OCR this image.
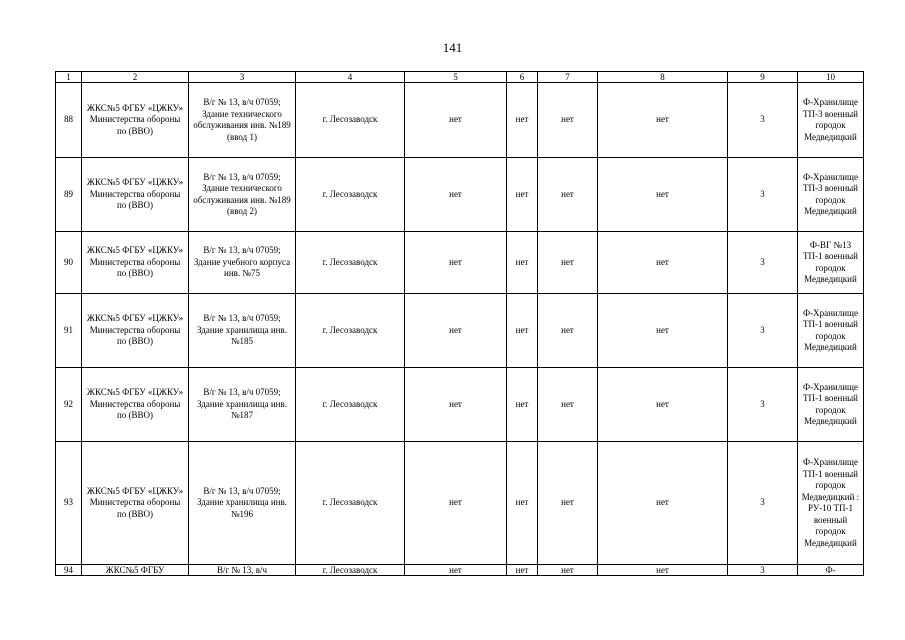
141
1	2	3	4	5	6	7	8	9	10
88	ЖКС№5 ФГБУ «ЦЖКУ» Министерства обороны по (ВВО)	В/г № 13, в/ч 07059; Здание технического обслуживания инв. №189 (ввод 1)	г. Лесозаводск	нет	нет	нет	нет	3	Ф-Хранилище ТП-3 военный городок Медведицкий
89	ЖКС№5 ФГБУ «ЦЖКУ» Министерства обороны по (ВВО)	В/г № 13, в/ч 07059; Здание технического обслуживания инв. №189 (ввод 2)	г. Лесозаводск	нет	нет	нет	нет	3	Ф-Хранилище ТП-3 военный городок Медведицкий
90	ЖКС№5 ФГБУ «ЦЖКУ» Министерства обороны по (ВВО)	В/г № 13, в/ч 07059; Здание учебного корпуса инв. №75	г. Лесозаводск	нет	нет	нет	нет	3	Ф-ВГ №13 ТП-1 военный городок Медведицкий
91	ЖКС№5 ФГБУ «ЦЖКУ» Министерства обороны по (ВВО)	В/г № 13, в/ч 07059; Здание хранилища инв. №185	г. Лесозаводск	нет	нет	нет	нет	3	Ф-Хранилище ТП-1 военный городок Медведицкий
92	ЖКС№5 ФГБУ «ЦЖКУ» Министерства обороны по (ВВО)	В/г № 13, в/ч 07059; Здание хранилища инв. №187	г. Лесозаводск	нет	нет	нет	нет	3	Ф-Хранилище ТП-1 военный городок Медведицкий
93	ЖКС№5 ФГБУ «ЦЖКУ» Министерства обороны по (ВВО)	В/г № 13, в/ч 07059; Здание хранилища инв. №196	г. Лесозаводск	нет	нет	нет	нет	3	Ф-Хранилище ТП-1 военный городок Медведицкий : РУ-10 ТП-1 военный городок Медведицкий
94	ЖКС№5 ФГБУ	В/г № 13, в/ч	г. Лесозаводск	нет	нет	нет	нет	3	Ф-
